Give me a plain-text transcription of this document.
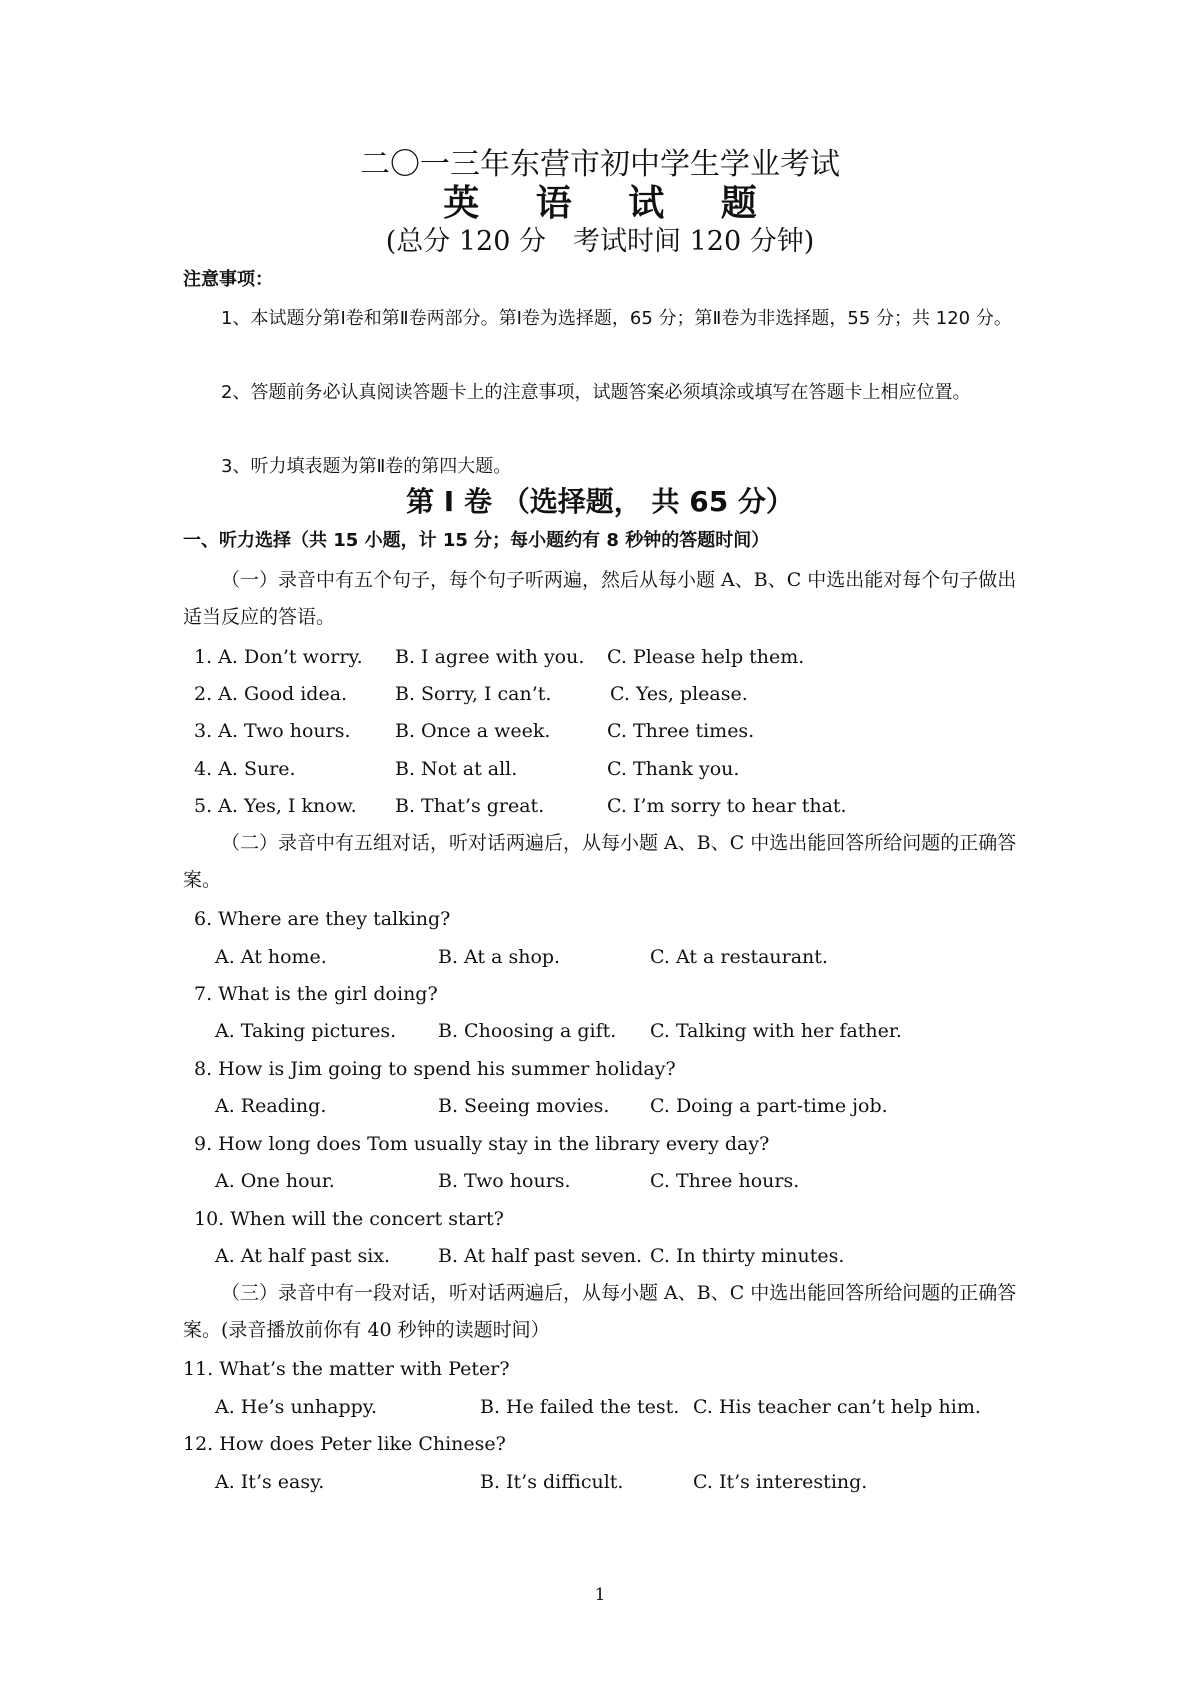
二〇一三年东营市初中学生学业考试
英 语 试 题
(总分 120 分　考试时间 120 分钟)
注意事项：

1、本试题分第Ⅰ卷和第Ⅱ卷两部分。第Ⅰ卷为选择题，65 分；第Ⅱ卷为非选择题，55 分；共 120 分。

2、答题前务必认真阅读答题卡上的注意事项，试题答案必须填涂或填写在答题卡上相应位置。

3、听力填表题为第Ⅱ卷的第四大题。

第 I 卷 （选择题， 共 65 分）
一、听力选择（共 15 小题，计 15 分；每小题约有 8 秒钟的答题时间）

（一）录音中有五个句子，每个句子听两遍，然后从每小题 A、B、C 中选出能对每个句子做出适当反应的答语。

1. A. Don’t worry. B. I agree with you. C. Please help them.
2. A. Good idea.	B. Sorry, I can’t.	C. Yes, please.
3. A. Two hours. B. Once a week.	C. Three times.
4. A. Sure.	B. Not at all.	C. Thank you.
5. A. Yes, I know. B. That’s great.	C. I’m sorry to hear that.

（二）录音中有五组对话，听对话两遍后，从每小题 A、B、C 中选出能回答所给问题的正确答案。

6. Where are they talking?
A. At home.	B. At a shop.	C. At a restaurant.
7. What is the girl doing?
A. Taking pictures. B. Choosing a gift. C. Talking with her father.
8. How is Jim going to spend his summer holiday?
A. Reading.	B. Seeing movies. C. Doing a part-time job.
9. How long does Tom usually stay in the library every day?
A. One hour.	B. Two hours.	C. Three hours.
10. When will the concert start?
A. At half past six.	B. At half past seven. C. In thirty minutes.

（三）录音中有一段对话，听对话两遍后，从每小题 A、B、C 中选出能回答所给问题的正确答案。(录音播放前你有 40 秒钟的读题时间）

11. What’s the matter with Peter?
A. He’s unhappy.	B. He failed the test. C. His teacher can’t help him.
12. How does Peter like Chinese?
A. It’s easy.	B. It’s difficult.	C. It’s interesting.
1
